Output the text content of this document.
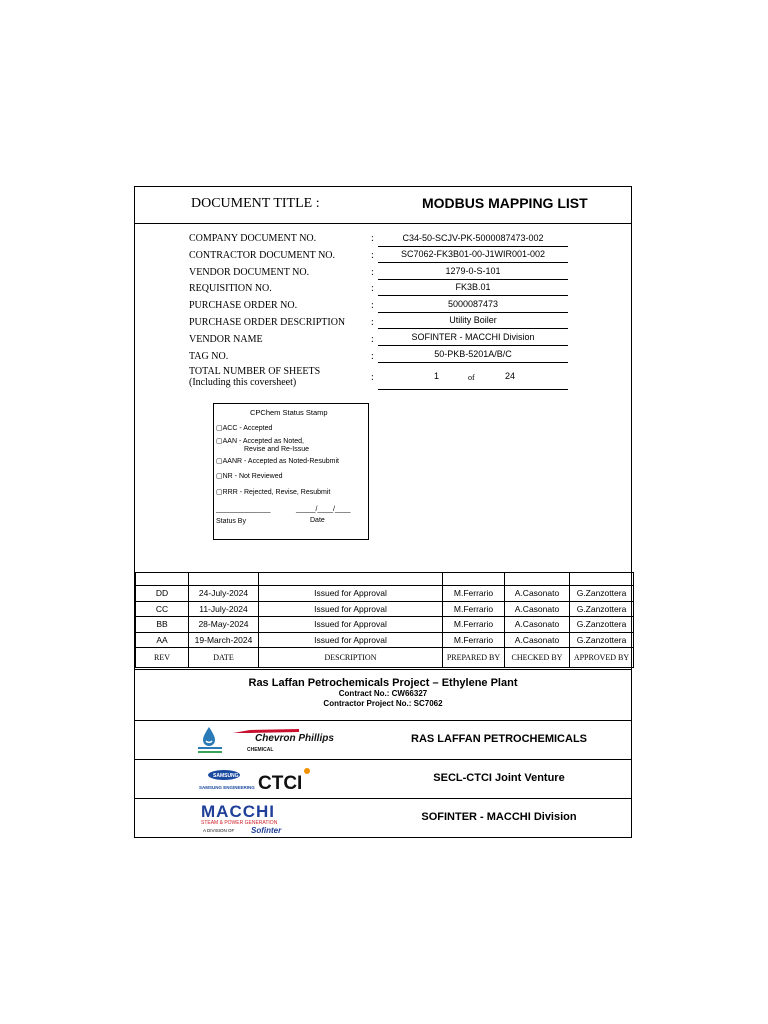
DOCUMENT TITLE :	MODBUS MAPPING LIST
COMPANY DOCUMENT NO.	:	C34-50-SCJV-PK-5000087473-002
CONTRACTOR DOCUMENT NO.	:	SC7062-FK3B01-00-J1WIR001-002
VENDOR DOCUMENT NO.	:	1279-0-S-101
REQUISITION NO.	:	FK3B.01
PURCHASE ORDER NO.	:	5000087473
PURCHASE ORDER DESCRIPTION	:	Utility Boiler
VENDOR NAME	:	SOFINTER - MACCHI Division
TAG NO.	:	50-PKB-5201A/B/C
TOTAL NUMBER OF SHEETS
(Including this coversheet)	:	1	of	24
CPChem Status Stamp
▢ACC - Accepted
▢AAN - Accepted as Noted,
Revise and Re-Issue
▢AANR - Accepted as Noted-Resubmit
▢NR - Not Reviewed
▢RRR - Rejected, Revise, Resubmit
______________	_____/____/____
Status By	Date

DD	24-July-2024	Issued for Approval	M.Ferrario	A.Casonato	G.Zanzottera
CC	11-July-2024	Issued for Approval	M.Ferrario	A.Casonato	G.Zanzottera
BB	28-May-2024	Issued for Approval	M.Ferrario	A.Casonato	G.Zanzottera
AA	19-March-2024	Issued for Approval	M.Ferrario	A.Casonato	G.Zanzottera
REV	DATE	DESCRIPTION	PREPARED BY	CHECKED BY	APPROVED BY
Ras Laffan Petrochemicals Project – Ethylene Plant
Contract No.: CW66327
Contractor Project No.: SC7062
Chevron Phillips
CHEMICAL
RAS LAFFAN PETROCHEMICALS
SAMSUNG
SAMSUNG ENGINEERING CTCI	SECL-CTCI Joint Venture
MACCHI
STEAM & POWER GENERATION
A DIVISION OF Sofinter
SOFINTER - MACCHI Division
